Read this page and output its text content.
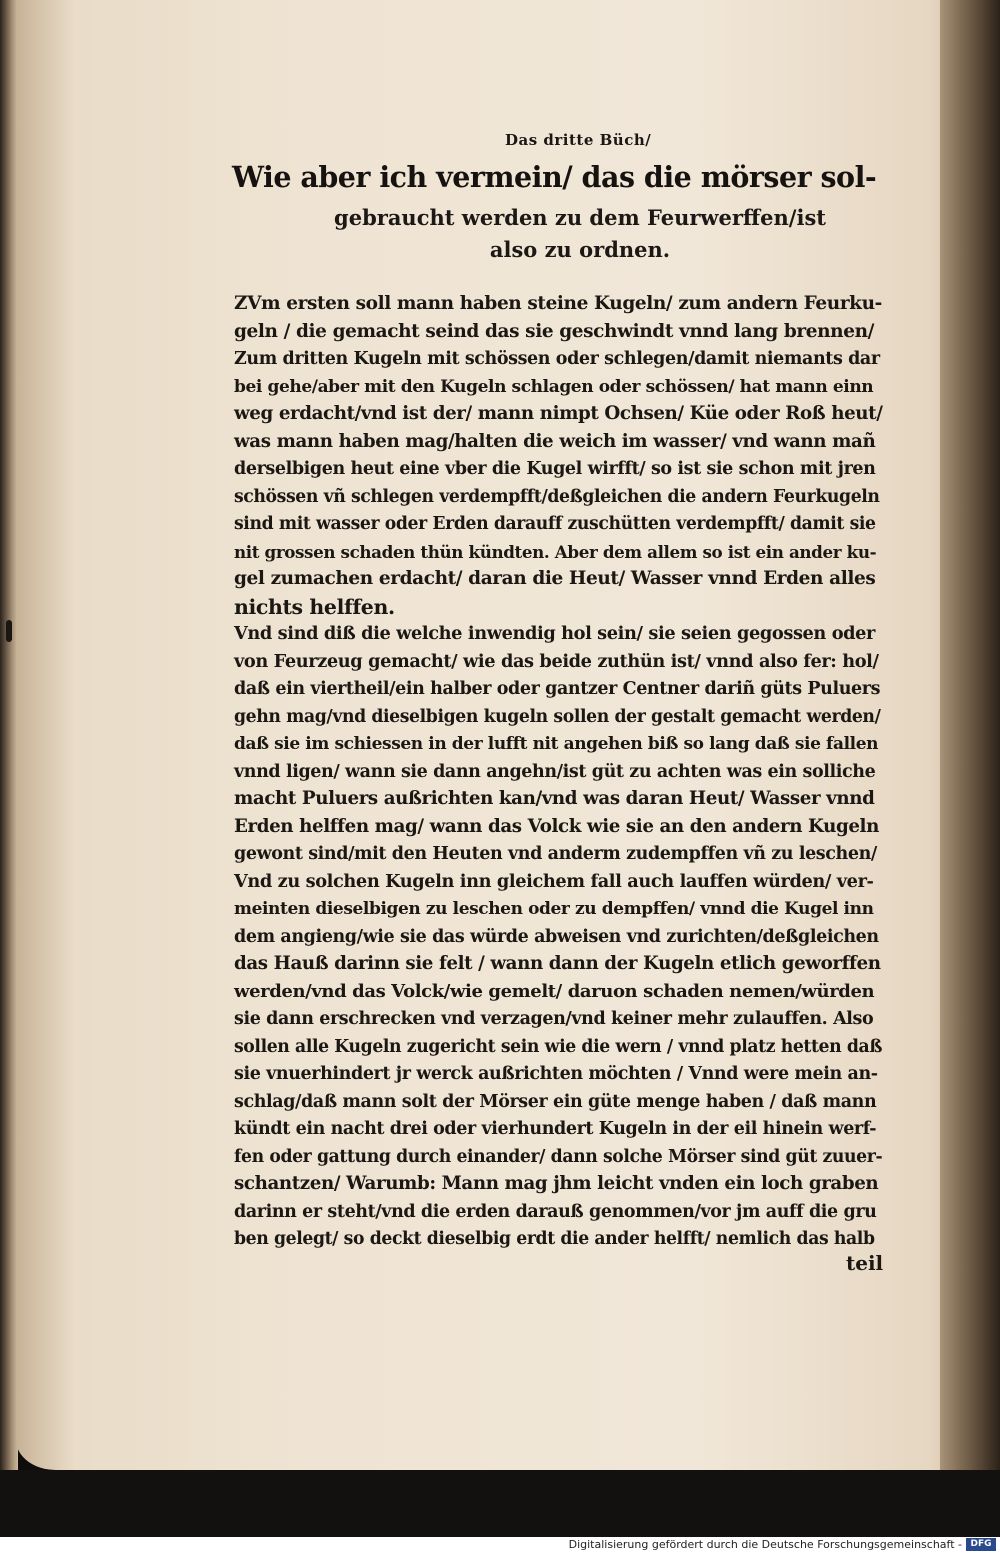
Das dritte Büch/
Wie aber ich vermein/ das die mörser sol-
gebraucht werden zu dem Feurwerffen/ist
also zu ordnen.
ZVm ersten soll mann haben steine Kugeln/ zum andern Feurku-
geln / die gemacht seind das sie geschwindt vnnd lang brennen/
Zum dritten Kugeln mit schössen oder schlegen/damit niemants dar
bei gehe/aber mit den Kugeln schlagen oder schössen/ hat mann einn
weg erdacht/vnd ist der/ mann nimpt Ochsen/ Küe oder Roß heut/
was mann haben mag/halten die weich im wasser/ vnd wann mañ
derselbigen heut eine vber die Kugel wirfft/ so ist sie schon mit jren
schössen vñ schlegen verdempfft/deßgleichen die andern Feurkugeln
sind mit wasser oder Erden darauff zuschütten verdempfft/ damit sie
nit grossen schaden thün kündten. Aber dem allem so ist ein ander ku-
gel zumachen erdacht/ daran die Heut/ Wasser vnnd Erden alles
nichts helffen.
Vnd sind diß die welche inwendig hol sein/ sie seien gegossen oder
von Feurzeug gemacht/ wie das beide zuthün ist/ vnnd also fer: hol/
daß ein viertheil/ein halber oder gantzer Centner dariñ güts Puluers
gehn mag/vnd dieselbigen kugeln sollen der gestalt gemacht werden/
daß sie im schiessen in der lufft nit angehen biß so lang daß sie fallen
vnnd ligen/ wann sie dann angehn/ist güt zu achten was ein solliche
macht Puluers außrichten kan/vnd was daran Heut/ Wasser vnnd
Erden helffen mag/ wann das Volck wie sie an den andern Kugeln
gewont sind/mit den Heuten vnd anderm zudempffen vñ zu leschen/
Vnd zu solchen Kugeln inn gleichem fall auch lauffen würden/ ver-
meinten dieselbigen zu leschen oder zu dempffen/ vnnd die Kugel inn
dem angieng/wie sie das würde abweisen vnd zurichten/deßgleichen
das Hauß darinn sie felt / wann dann der Kugeln etlich geworffen
werden/vnd das Volck/wie gemelt/ daruon schaden nemen/würden
sie dann erschrecken vnd verzagen/vnd keiner mehr zulauffen. Also
sollen alle Kugeln zugericht sein wie die wern / vnnd platz hetten daß
sie vnuerhindert jr werck außrichten möchten / Vnnd were mein an-
schlag/daß mann solt der Mörser ein güte menge haben / daß mann
kündt ein nacht drei oder vierhundert Kugeln in der eil hinein werf-
fen oder gattung durch einander/ dann solche Mörser sind güt zuuer-
schantzen/ Warumb: Mann mag jhm leicht vnden ein loch graben
darinn er steht/vnd die erden darauß genommen/vor jm auff die gru
ben gelegt/ so deckt dieselbig erdt die ander helfft/ nemlich das halb
teil
Digitalisierung gefördert durch die Deutsche Forschungsgemeinschaft - DFG
